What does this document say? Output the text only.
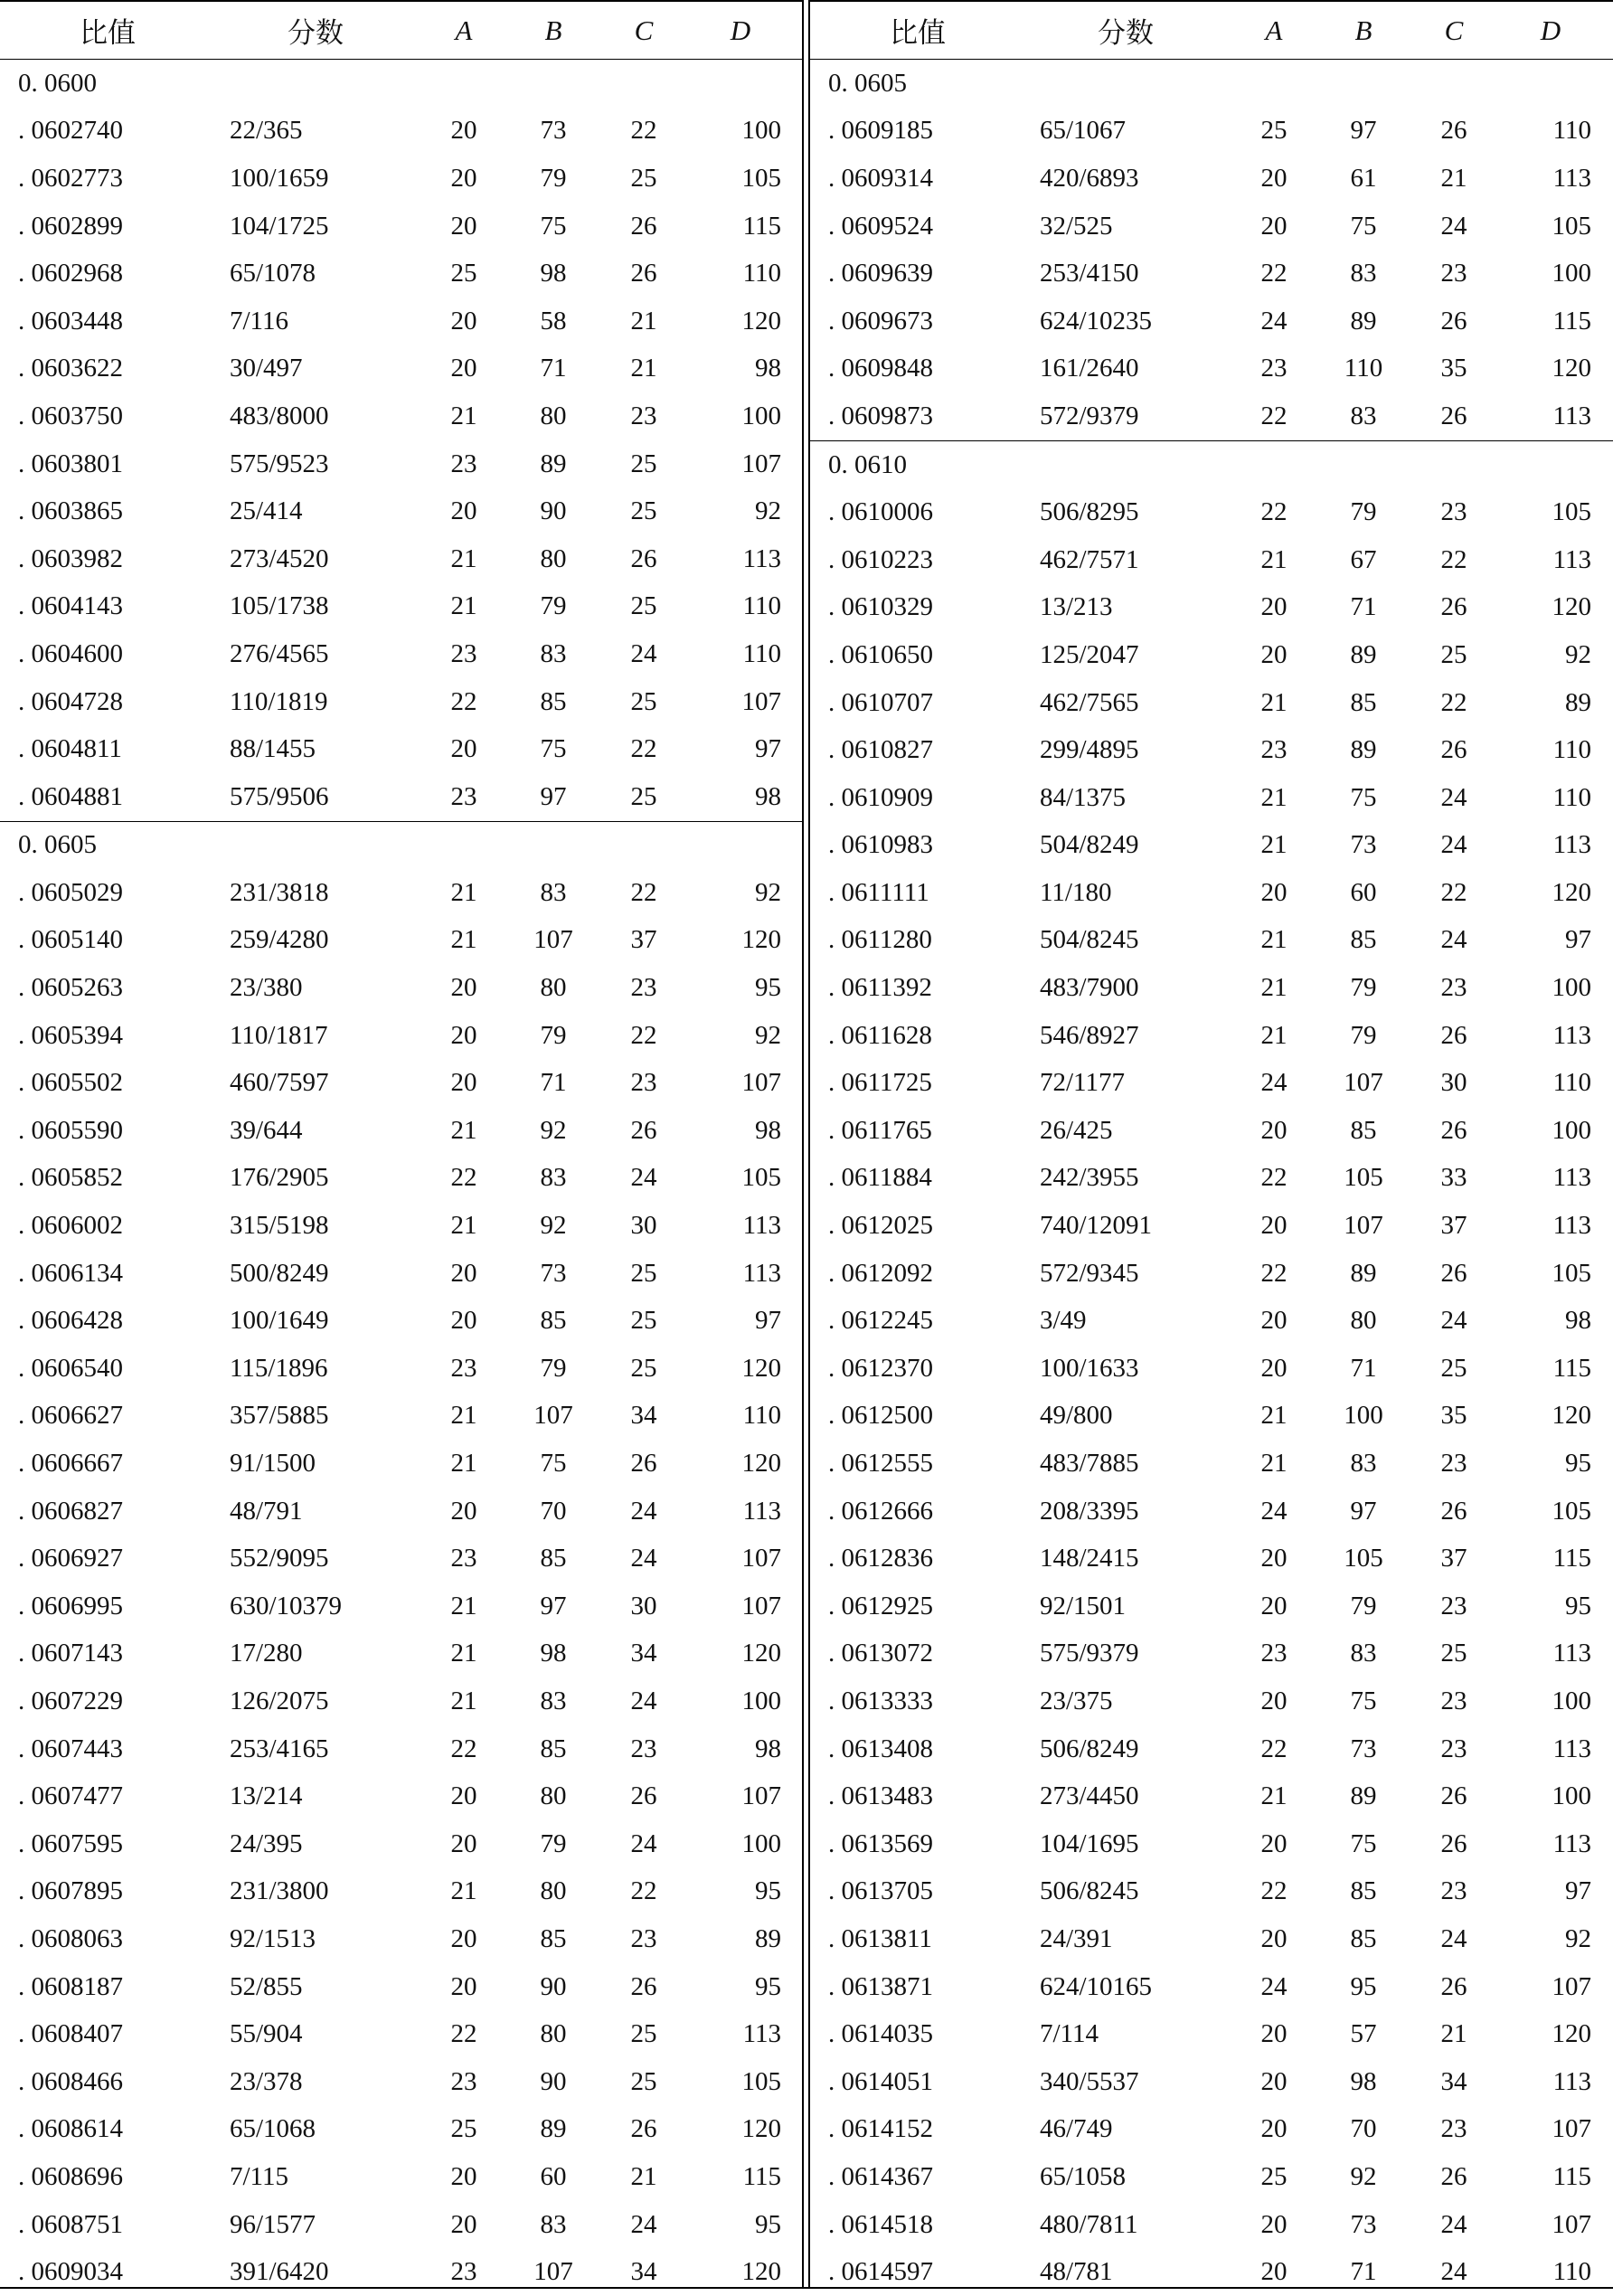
比值	分数	A	B	C	D
0. 0600
. 0602740	22/365	20	73	22	100
. 0602773	100/1659	20	79	25	105
. 0602899	104/1725	20	75	26	115
. 0602968	65/1078	25	98	26	110
. 0603448	7/116	20	58	21	120
. 0603622	30/497	20	71	21	98
. 0603750	483/8000	21	80	23	100
. 0603801	575/9523	23	89	25	107
. 0603865	25/414	20	90	25	92
. 0603982	273/4520	21	80	26	113
. 0604143	105/1738	21	79	25	110
. 0604600	276/4565	23	83	24	110
. 0604728	110/1819	22	85	25	107
. 0604811	88/1455	20	75	22	97
. 0604881	575/9506	23	97	25	98
0. 0605
. 0605029	231/3818	21	83	22	92
. 0605140	259/4280	21	107	37	120
. 0605263	23/380	20	80	23	95
. 0605394	110/1817	20	79	22	92
. 0605502	460/7597	20	71	23	107
. 0605590	39/644	21	92	26	98
. 0605852	176/2905	22	83	24	105
. 0606002	315/5198	21	92	30	113
. 0606134	500/8249	20	73	25	113
. 0606428	100/1649	20	85	25	97
. 0606540	115/1896	23	79	25	120
. 0606627	357/5885	21	107	34	110
. 0606667	91/1500	21	75	26	120
. 0606827	48/791	20	70	24	113
. 0606927	552/9095	23	85	24	107
. 0606995	630/10379	21	97	30	107
. 0607143	17/280	21	98	34	120
. 0607229	126/2075	21	83	24	100
. 0607443	253/4165	22	85	23	98
. 0607477	13/214	20	80	26	107
. 0607595	24/395	20	79	24	100
. 0607895	231/3800	21	80	22	95
. 0608063	92/1513	20	85	23	89
. 0608187	52/855	20	90	26	95
. 0608407	55/904	22	80	25	113
. 0608466	23/378	23	90	25	105
. 0608614	65/1068	25	89	26	120
. 0608696	7/115	20	60	21	115
. 0608751	96/1577	20	83	24	95
. 0609034	391/6420	23	107	34	120
比值	分数	A	B	C	D
0. 0605
. 0609185	65/1067	25	97	26	110
. 0609314	420/6893	20	61	21	113
. 0609524	32/525	20	75	24	105
. 0609639	253/4150	22	83	23	100
. 0609673	624/10235	24	89	26	115
. 0609848	161/2640	23	110	35	120
. 0609873	572/9379	22	83	26	113
0. 0610
. 0610006	506/8295	22	79	23	105
. 0610223	462/7571	21	67	22	113
. 0610329	13/213	20	71	26	120
. 0610650	125/2047	20	89	25	92
. 0610707	462/7565	21	85	22	89
. 0610827	299/4895	23	89	26	110
. 0610909	84/1375	21	75	24	110
. 0610983	504/8249	21	73	24	113
. 0611111	11/180	20	60	22	120
. 0611280	504/8245	21	85	24	97
. 0611392	483/7900	21	79	23	100
. 0611628	546/8927	21	79	26	113
. 0611725	72/1177	24	107	30	110
. 0611765	26/425	20	85	26	100
. 0611884	242/3955	22	105	33	113
. 0612025	740/12091	20	107	37	113
. 0612092	572/9345	22	89	26	105
. 0612245	3/49	20	80	24	98
. 0612370	100/1633	20	71	25	115
. 0612500	49/800	21	100	35	120
. 0612555	483/7885	21	83	23	95
. 0612666	208/3395	24	97	26	105
. 0612836	148/2415	20	105	37	115
. 0612925	92/1501	20	79	23	95
. 0613072	575/9379	23	83	25	113
. 0613333	23/375	20	75	23	100
. 0613408	506/8249	22	73	23	113
. 0613483	273/4450	21	89	26	100
. 0613569	104/1695	20	75	26	113
. 0613705	506/8245	22	85	23	97
. 0613811	24/391	20	85	24	92
. 0613871	624/10165	24	95	26	107
. 0614035	7/114	20	57	21	120
. 0614051	340/5537	20	98	34	113
. 0614152	46/749	20	70	23	107
. 0614367	65/1058	25	92	26	115
. 0614518	480/7811	20	73	24	107
. 0614597	48/781	20	71	24	110
